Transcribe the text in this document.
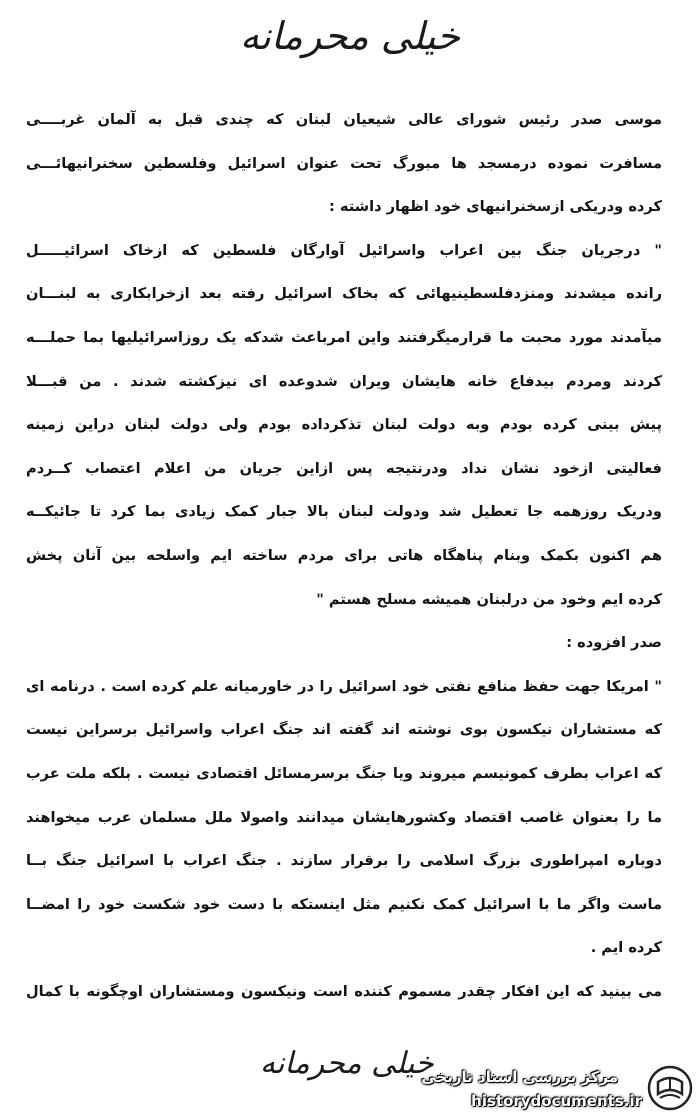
خیلی محرمانه
موسی صدر رئیس شورای عالی شیعیان لبنان که چندی قبل به آلمان غربــــی
مسافرت نموده درمسجد ها مبورگ تحت عنوان اسرائیل وفلسطین سخنرانیهائـــی
کرده ودریکی ازسخنرانیهای خود اظهار داشته :
" درجریان جنگ بین اعراب واسرائیل آوارگان فلسطین که ازخاک اسرائیـــــل
رانده میشدند ومنزدفلسطینیهائی که بخاک اسرائیل رفته بعد ازخرابکاری به لبنـــان
میآمدند مورد محبت ما قرارمیگرفتند واین امرباعث شدکه یک روزاسرائیلیها بما حملـــه
کردند ومردم بیدفاع خانه هایشان ویران شدوعده ای نیزکشته شدند . من قبـــلا
پیش بینی کرده بودم وبه دولت لبنان تذکرداده بودم ولی دولت لبنان دراین زمینه
فعالیتی ازخود نشان نداد ودرنتیجه پس ازاین جریان من اعلام اعتصاب کــردم
ودریک روزهمه جا تعطیل شد ودولت لبنان بالا جبار کمک زیادی بما کرد تا جائیکــه
هم اکنون بکمک وبنام پناهگاه هاتی برای مردم ساخته ایم واسلحه بین آنان پخش
کرده ایم وخود من درلبنان همیشه مسلح هستم "
صدر افزوده :
" امریکا جهت حفظ منافع نفتی خود اسرائیل را در خاورمیانه علم کرده است . درنامه ای
که مستشاران نیکسون بوی نوشته اند گفته اند جنگ اعراب واسرائیل برسراین نیست
که اعراب بطرف کمونیسم میروند ویا جنگ برسرمسائل اقتصادی نیست . بلکه ملت عرب
ما را بعنوان غاصب اقتصاد وکشورهایشان میدانند واصولا ملل مسلمان عرب میخواهند
دوباره امپراطوری بزرگ اسلامی را برقرار سازند . جنگ اعراب با اسرائیل جنگ بــا
ماست واگر ما با اسرائیل کمک نکنیم مثل اینستکه با دست خود شکست خود را امضــا
کرده ایم .
می بینید که این افکار چقدر مسموم کننده است ونیکسون ومستشاران اوچگونه با کمال
خیلی محرمانه
مرکز بررسی اسناد تاریخی
historydocuments.ir
